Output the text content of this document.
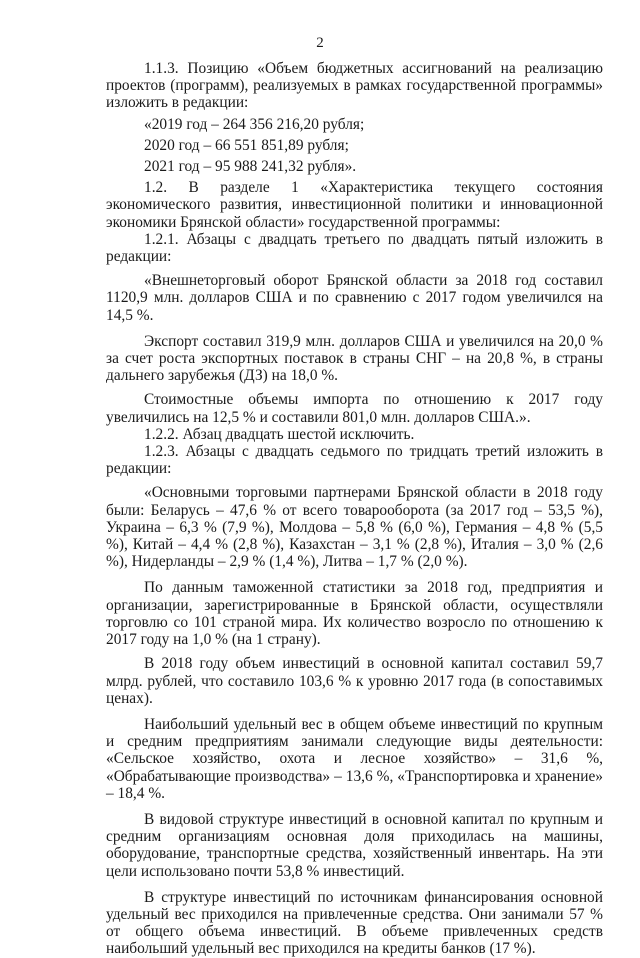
2

1.1.3. Позицию «Объем бюджетных ассигнований на реализацию проектов (программ), реализуемых в рамках государственной программы» изложить в редакции:

«2019 год – 264 356 216,20 рубля;

2020 год – 66 551 851,89 рубля;

2021 год – 95 988 241,32 рубля».

1.2. В разделе 1 «Характеристика текущего состояния экономического развития, инвестиционной политики и инновационной экономики Брянской области» государственной программы:

1.2.1. Абзацы с двадцать третьего по двадцать пятый изложить в редакции:

«Внешнеторговый оборот Брянской области за 2018 год составил 1120,9 млн. долларов США и по сравнению с 2017 годом увеличился на 14,5 %.

Экспорт составил 319,9 млн. долларов США и увеличился на 20,0 % за счет роста экспортных поставок в страны СНГ – на 20,8 %, в страны дальнего зарубежья (ДЗ) на 18,0 %.

Стоимостные объемы импорта по отношению к 2017 году увеличились на 12,5 % и составили 801,0 млн. долларов США.».

1.2.2. Абзац двадцать шестой исключить.

1.2.3. Абзацы с двадцать седьмого по тридцать третий изложить в редакции:

«Основными торговыми партнерами Брянской области в 2018 году были: Беларусь – 47,6 % от всего товарооборота (за 2017 год – 53,5 %), Украина – 6,3 % (7,9 %), Молдова – 5,8 % (6,0 %), Германия – 4,8 % (5,5 %), Китай – 4,4 % (2,8 %), Казахстан – 3,1 % (2,8 %), Италия – 3,0 % (2,6 %), Нидерланды – 2,9 % (1,4 %), Литва – 1,7 % (2,0 %).

По данным таможенной статистики за 2018 год, предприятия и организации, зарегистрированные в Брянской области, осуществляли торговлю со 101 страной мира. Их количество возросло по отношению к 2017 году на 1,0 % (на 1 страну).

В 2018 году объем инвестиций в основной капитал составил 59,7 млрд. рублей, что составило 103,6 % к уровню 2017 года (в сопоставимых ценах).

Наибольший удельный вес в общем объеме инвестиций по крупным и средним предприятиям занимали следующие виды деятельности: «Сельское хозяйство, охота и лесное хозяйство» – 31,6 %, «Обрабатывающие производства» – 13,6 %, «Транспортировка и хранение» – 18,4 %.

В видовой структуре инвестиций в основной капитал по крупным и средним организациям основная доля приходилась на машины, оборудование, транспортные средства, хозяйственный инвентарь. На эти цели использовано почти 53,8 % инвестиций.

В структуре инвестиций по источникам финансирования основной удельный вес приходился на привлеченные средства. Они занимали 57 % от общего объема инвестиций. В объеме привлеченных средств наибольший удельный вес приходился на кредиты банков (17 %).
